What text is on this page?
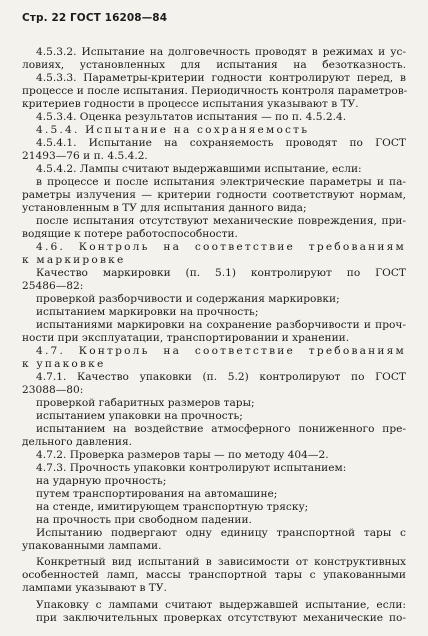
Стр. 22 ГОСТ 16208—84
4.5.3.2. Испытание на долговечность проводят в режимах и ус-
ловиях, установленных для испытания на безотказность.
4.5.3.3. Параметры-критерии годности контролируют перед, в
процессе и после испытания. Периодичность контроля параметров-
критериев годности в процессе испытания указывают в ТУ.
4.5.3.4. Оценка результатов испытания — по п. 4.5.2.4.
4.5.4. Испытание на сохраняемость
4.5.4.1. Испытание на сохраняемость проводят по ГОСТ
21493—76 и п. 4.5.4.2.
4.5.4.2. Лампы считают выдержавшими испытание, если:
в процессе и после испытания электрические параметры и па-
раметры излучения — критерии годности соответствуют нормам,
установленным в ТУ для испытания данного вида;
после испытания отсутствуют механические повреждения, при-
водящие к потере работоспособности.
4.6. Контроль на соответствие требованиям
к маркировке
Качество маркировки (п. 5.1) контролируют по ГОСТ
25486—82:
проверкой разборчивости и содержания маркировки;
испытанием маркировки на прочность;
испытаниями маркировки на сохранение разборчивости и проч-
ности при эксплуатации, транспортировании и хранении.
4.7. Контроль на соответствие требованиям
к упаковке
4.7.1. Качество упаковки (п. 5.2) контролируют по ГОСТ
23088—80:
проверкой габаритных размеров тары;
испытанием упаковки на прочность;
испытанием на воздействие атмосферного пониженного пре-
дельного давления.
4.7.2. Проверка размеров тары — по методу 404—2.
4.7.3. Прочность упаковки контролируют испытанием:
на ударную прочность;
путем транспортирования на автомашине;
на стенде, имитирующем транспортную тряску;
на прочность при свободном падении.
Испытанию подвергают одну единицу транспортной тары с
упакованными лампами.
Конкретный вид испытаний в зависимости от конструктивных
особенностей ламп, массы транспортной тары с упакованными
лампами указывают в ТУ.
Упаковку с лампами считают выдержавшей испытание, если:
при заключительных проверках отсутствуют механические по-
